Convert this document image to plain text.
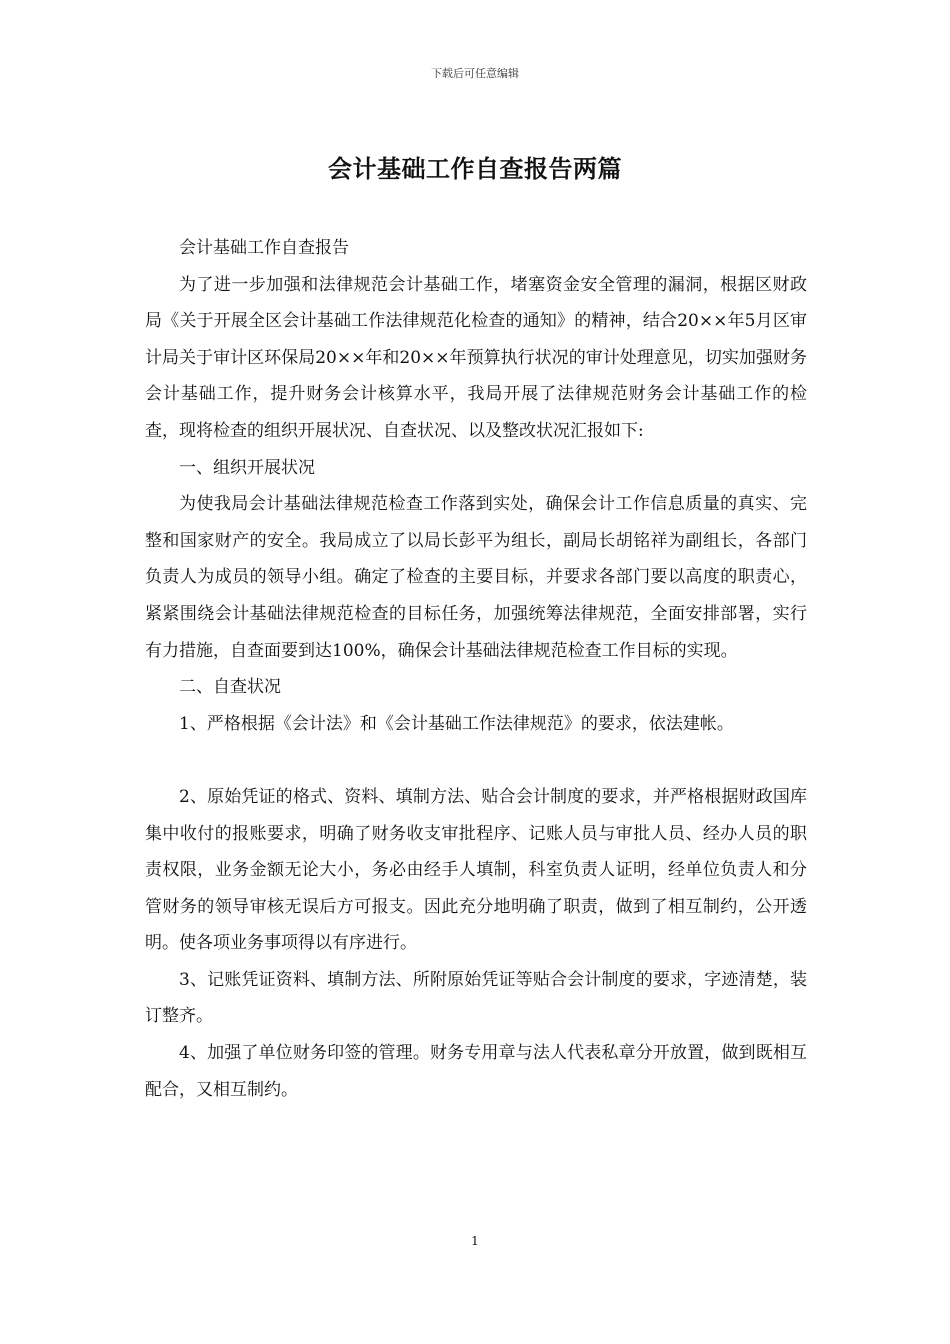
下载后可任意编辑
会计基础工作自查报告两篇

会计基础工作自查报告

为了进一步加强和法律规范会计基础工作，堵塞资金安全管理的漏洞，根据区财政局《关于开展全区会计基础工作法律规范化检查的通知》的精神，结合20××年5月区审计局关于审计区环保局20××年和20××年预算执行状况的审计处理意见，切实加强财务会计基础工作，提升财务会计核算水平，我局开展了法律规范财务会计基础工作的检查，现将检查的组织开展状况、自查状况、以及整改状况汇报如下:

一、组织开展状况

为使我局会计基础法律规范检查工作落到实处，确保会计工作信息质量的真实、完整和国家财产的安全。我局成立了以局长彭平为组长，副局长胡铭祥为副组长，各部门负责人为成员的领导小组。确定了检查的主要目标，并要求各部门要以高度的职责心，紧紧围绕会计基础法律规范检查的目标任务，加强统筹法律规范，全面安排部署，实行有力措施，自查面要到达100%，确保会计基础法律规范检查工作目标的实现。

二、自查状况

1、严格根据《会计法》和《会计基础工作法律规范》的要求，依法建帐。

2、原始凭证的格式、资料、填制方法、贴合会计制度的要求，并严格根据财政国库集中收付的报账要求，明确了财务收支审批程序、记账人员与审批人员、经办人员的职责权限，业务金额无论大小，务必由经手人填制，科室负责人证明，经单位负责人和分管财务的领导审核无误后方可报支。因此充分地明确了职责，做到了相互制约，公开透明。使各项业务事项得以有序进行。

3、记账凭证资料、填制方法、所附原始凭证等贴合会计制度的要求，字迹清楚，装订整齐。

4、加强了单位财务印签的管理。财务专用章与法人代表私章分开放置，做到既相互配合，又相互制约。

1
